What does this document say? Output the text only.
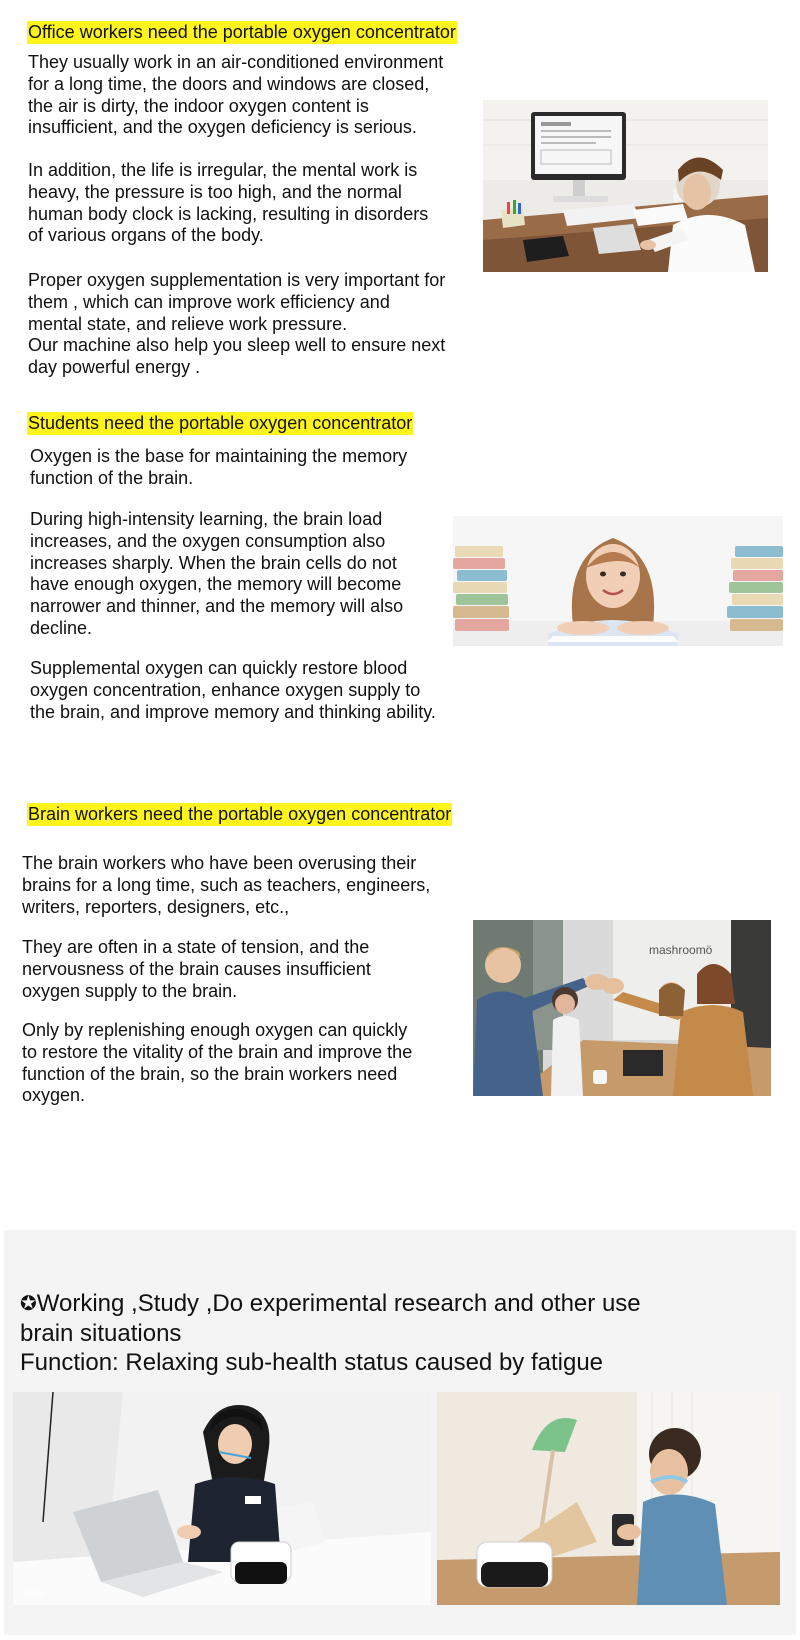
Office workers need the portable oxygen concentrator

They usually work in an air-conditioned environment

for a long time, the doors and windows are closed,

the air is dirty, the indoor oxygen content is

insufficient, and the oxygen deficiency is serious.

In addition, the life is irregular, the mental work is

heavy, the pressure is too high, and the normal

human body clock is lacking, resulting in disorders

of various organs of the body.

Proper oxygen supplementation is very important for

them , which can improve work efficiency and

mental state, and relieve work pressure.

Our machine also help you sleep well to ensure next

day powerful energy .

Students need the portable oxygen concentrator

Oxygen is the base for maintaining the memory

function of the brain.

During high-intensity learning, the brain load

increases, and the oxygen consumption also

increases sharply. When the brain cells do not

have enough oxygen, the memory will become

narrower and thinner, and the memory will also

decline.

Supplemental oxygen can quickly restore blood

oxygen concentration, enhance oxygen supply to

the brain, and improve memory and thinking ability.

Brain workers need the portable oxygen concentrator

The brain workers who have been overusing their

brains for a long time, such as teachers, engineers,

writers, reporters, designers, etc.,

They are often in a state of tension, and the

nervousness of the brain causes insufficient

oxygen supply to the brain.

Only by replenishing enough oxygen can quickly

to restore the vitality of the brain and improve the

function of the brain, so the brain workers need

oxygen.

mashroomö
✪Working ,Study ,Do experimental research and other use
brain situations
Function: Relaxing sub-health status caused by fatigue
Meitu
